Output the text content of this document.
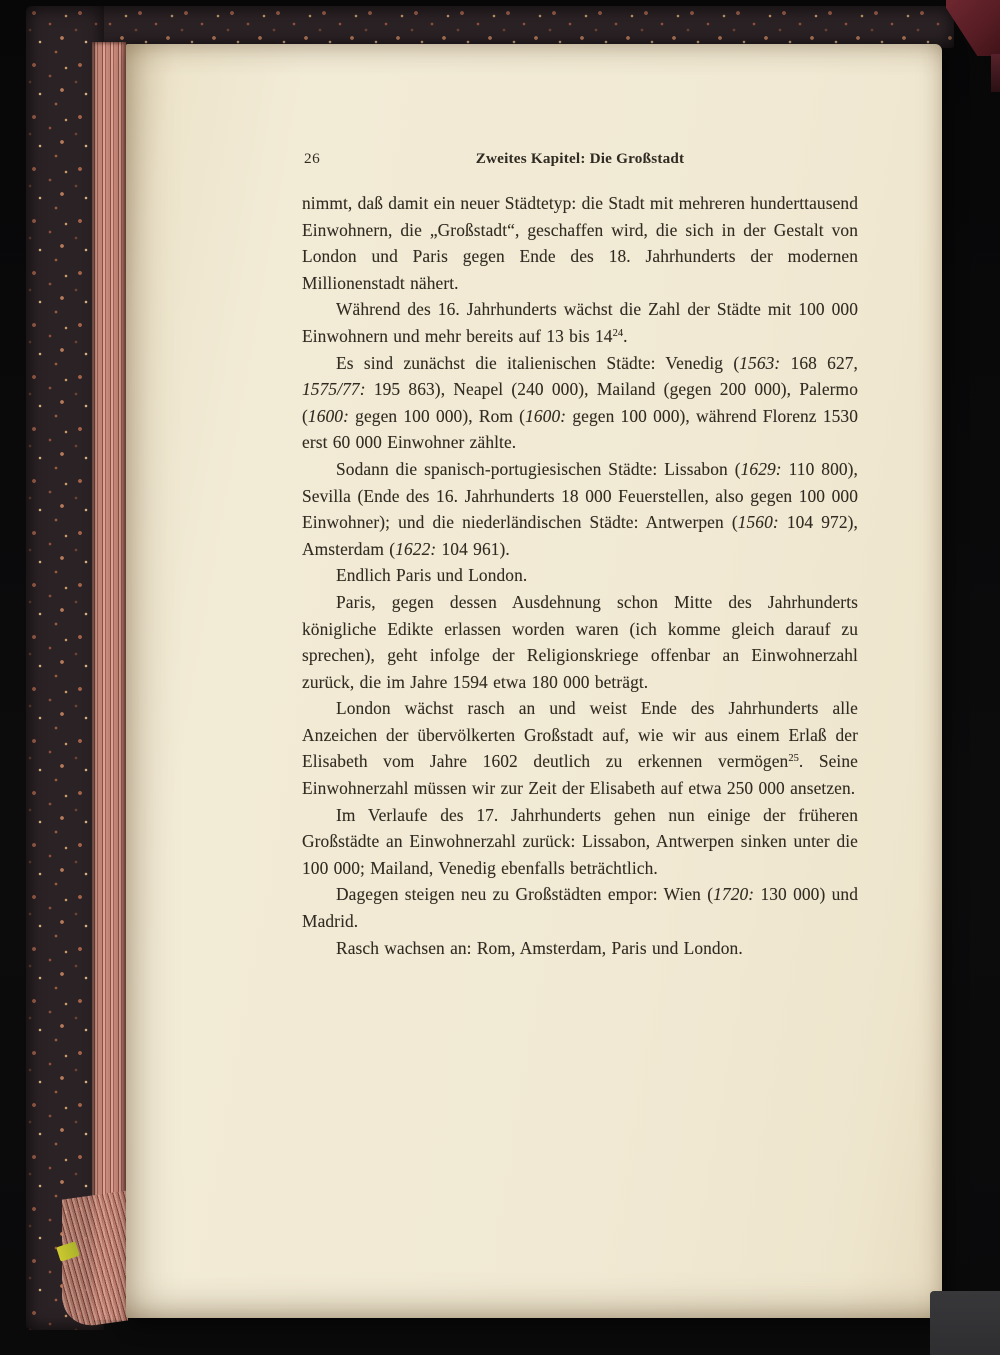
26	Zweites Kapitel: Die Großstadt

nimmt, daß damit ein neuer Städtetyp: die Stadt mit mehreren hunderttausend Einwohnern, die „Großstadt“, geschaffen wird, die sich in der Gestalt von London und Paris gegen Ende des 18. Jahrhunderts der modernen Millionenstadt nähert.

Während des 16. Jahrhunderts wächst die Zahl der Städte mit 100 000 Einwohnern und mehr bereits auf 13 bis $14^{24}$.

Es sind zunächst die italienischen Städte: Venedig (1563: 168 627, 1575/77: 195 863), Neapel (240 000), Mailand (gegen 200 000), Palermo (1600: gegen 100 000), Rom (1600: gegen 100 000), während Florenz 1530 erst 60 000 Einwohner zählte.

Sodann die spanisch-portugiesischen Städte: Lissabon (1629: 110 800), Sevilla (Ende des 16. Jahrhunderts 18 000 Feuerstellen, also gegen 100 000 Einwohner); und die niederländischen Städte: Antwerpen (1560: 104 972), Amsterdam (1622: 104 961).

Endlich Paris und London.

Paris, gegen dessen Ausdehnung schon Mitte des Jahrhunderts königliche Edikte erlassen worden waren (ich komme gleich darauf zu sprechen), geht infolge der Religionskriege offenbar an Einwohnerzahl zurück, die im Jahre 1594 etwa 180 000 beträgt.

London wächst rasch an und weist Ende des Jahrhunderts alle Anzeichen der übervölkerten Großstadt auf, wie wir aus einem Erlaß der Elisabeth vom Jahre 1602 deutlich zu erkennen vermögen$^{25}$. Seine Einwohnerzahl müssen wir zur Zeit der Elisabeth auf etwa 250 000 ansetzen.

Im Verlaufe des 17. Jahrhunderts gehen nun einige der früheren Großstädte an Einwohnerzahl zurück: Lissabon, Antwerpen sinken unter die 100 000; Mailand, Venedig ebenfalls beträchtlich.

Dagegen steigen neu zu Großstädten empor: Wien (1720: 130 000) und Madrid.

Rasch wachsen an: Rom, Amsterdam, Paris und London.
